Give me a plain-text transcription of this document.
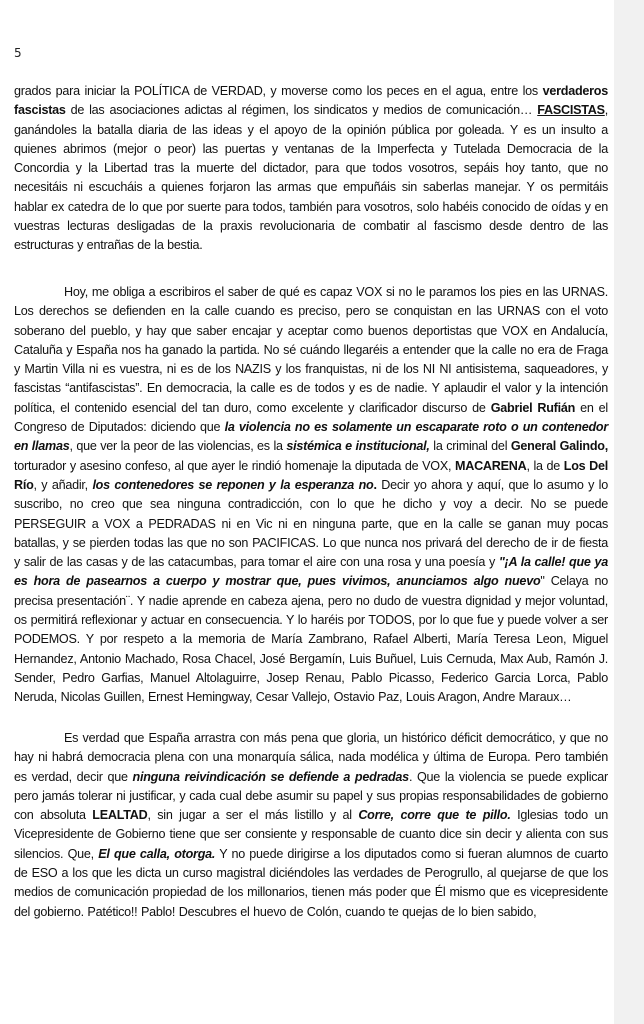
5

grados para iniciar la POLÍTICA de VERDAD, y moverse como los peces en el agua, entre los verdaderos fascistas de las asociaciones adictas al régimen, los sindicatos y medios de comunicación… FASCISTAS, ganándoles la batalla diaria de las ideas y el apoyo de la opinión pública por goleada. Y es un insulto a quienes abrimos (mejor o peor) las puertas y ventanas de la Imperfecta y Tutelada Democracia de la Concordia y la Libertad tras la muerte del dictador, para que todos vosotros, sepáis hoy tanto, que no necesitáis ni escucháis a quienes forjaron las armas que empuñáis sin saberlas manejar. Y os permitáis hablar ex catedra de lo que por suerte para todos, también para vosotros, solo habéis conocido de oídas y en vuestras lecturas desligadas de la praxis revolucionaria de combatir al fascismo desde dentro de las estructuras y entrañas de la bestia.

Hoy, me obliga a escribiros el saber de qué es capaz VOX si no le paramos los pies en las URNAS. Los derechos se defienden en la calle cuando es preciso, pero se conquistan en las URNAS con el voto soberano del pueblo, y hay que saber encajar y aceptar como buenos deportistas que VOX en Andalucía, Cataluña y España nos ha ganado la partida. No sé cuándo llegaréis a entender que la calle no era de Fraga y Martin Villa ni es vuestra, ni es de los NAZIS y los franquistas, ni de los NI NI antisistema, saqueadores, y fascistas “antifascistas”. En democracia, la calle es de todos y es de nadie. Y aplaudir el valor y la intención política, el contenido esencial del tan duro, como excelente y clarificador discurso de Gabriel Rufián en el Congreso de Diputados: diciendo que la violencia no es solamente un escaparate roto o un contenedor en llamas, que ver la peor de las violencias, es la sistémica e institucional, la criminal del General Galindo, torturador y asesino confeso, al que ayer le rindió homenaje la diputada de VOX, MACARENA, la de Los Del Río, y añadir, los contenedores se reponen y la esperanza no. Decir yo ahora y aquí, que lo asumo y lo suscribo, no creo que sea ninguna contradicción, con lo que he dicho y voy a decir. No se puede PERSEGUIR a VOX a PEDRADAS ni en Vic ni en ninguna parte, que en la calle se ganan muy pocas batallas, y se pierden todas las que no son PACIFICAS. Lo que nunca nos privará del derecho de ir de fiesta y salir de las casas y de las catacumbas, para tomar el aire con una rosa y una poesía y "¡A la calle! que ya es hora de pasearnos a cuerpo y mostrar que, pues vivimos, anunciamos algo nuevo" Celaya no precisa presentación¨. Y nadie aprende en cabeza ajena, pero no dudo de vuestra dignidad y mejor voluntad, os permitirá reflexionar y actuar en consecuencia. Y lo haréis por TODOS, por lo que fue y puede volver a ser PODEMOS. Y por respeto a la memoria de María Zambrano, Rafael Alberti, María Teresa Leon, Miguel Hernandez, Antonio Machado, Rosa Chacel, José Bergamín, Luis Buñuel, Luis Cernuda, Max Aub, Ramón J. Sender, Pedro Garfias, Manuel Altolaguirre, Josep Renau, Pablo Picasso, Federico Garcia Lorca, Pablo Neruda, Nicolas Guillen, Ernest Hemingway, Cesar Vallejo, Ostavio Paz, Louis Aragon, Andre Maraux…

Es verdad que España arrastra con más pena que gloria, un histórico déficit democrático, y que no hay ni habrá democracia plena con una monarquía sálica, nada modélica y última de Europa. Pero también es verdad, decir que ninguna reivindicación se defiende a pedradas. Que la violencia se puede explicar pero jamás tolerar ni justificar, y cada cual debe asumir su papel y sus propias responsabilidades de gobierno con absoluta LEALTAD, sin jugar a ser el más listillo y al Corre, corre que te pillo. Iglesias todo un Vicepresidente de Gobierno tiene que ser consiente y responsable de cuanto dice sin decir y alienta con sus silencios. Que, El que calla, otorga. Y no puede dirigirse a los diputados como si fueran alumnos de cuarto de ESO a los que les dicta un curso magistral diciéndoles las verdades de Perogrullo, al quejarse de que los medios de comunicación propiedad de los millonarios, tienen más poder que Él mismo que es vicepresidente del gobierno. Patético!! Pablo! Descubres el huevo de Colón, cuando te quejas de lo bien sabido,
